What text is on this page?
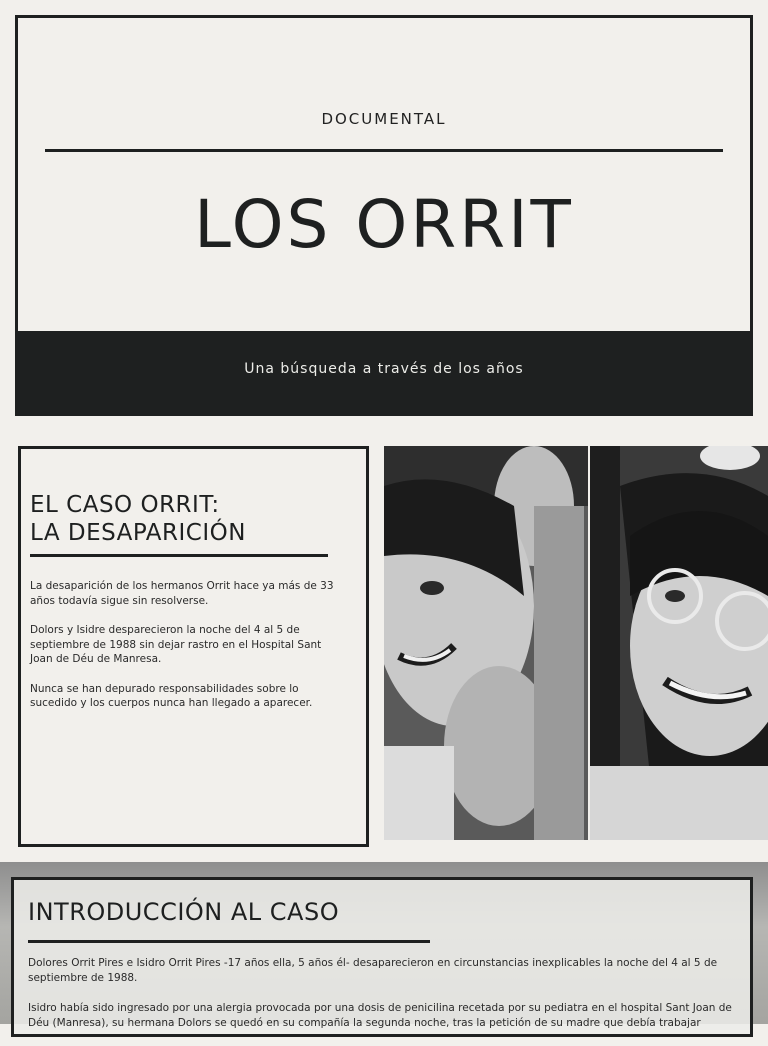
DOCUMENTAL
LOS ORRIT
Una búsqueda a través de los años
EL CASO ORRIT:
LA DESAPARICIÓN

La desaparición de los hermanos Orrit hace ya más de 33 años todavía sigue sin resolverse.

Dolors y Isidre desparecieron la noche del 4 al 5 de septiembre de 1988 sin dejar rastro en el Hospital Sant Joan de Déu de Manresa.

Nunca se han depurado responsabilidades sobre lo sucedido y los cuerpos nunca han llegado a aparecer.

INTRODUCCIÓN AL CASO

Dolores Orrit Pires e Isidro Orrit Pires -17 años ella, 5 años él- desaparecieron en circunstancias inexplicables la noche del 4 al 5 de septiembre de 1988.

Isidro había sido ingresado por una alergia provocada por una dosis de penicilina recetada por su pediatra en el hospital Sant Joan de Déu (Manresa), su hermana Dolors se quedó en su compañía la segunda noche, tras la petición de su madre que debía trabajar
